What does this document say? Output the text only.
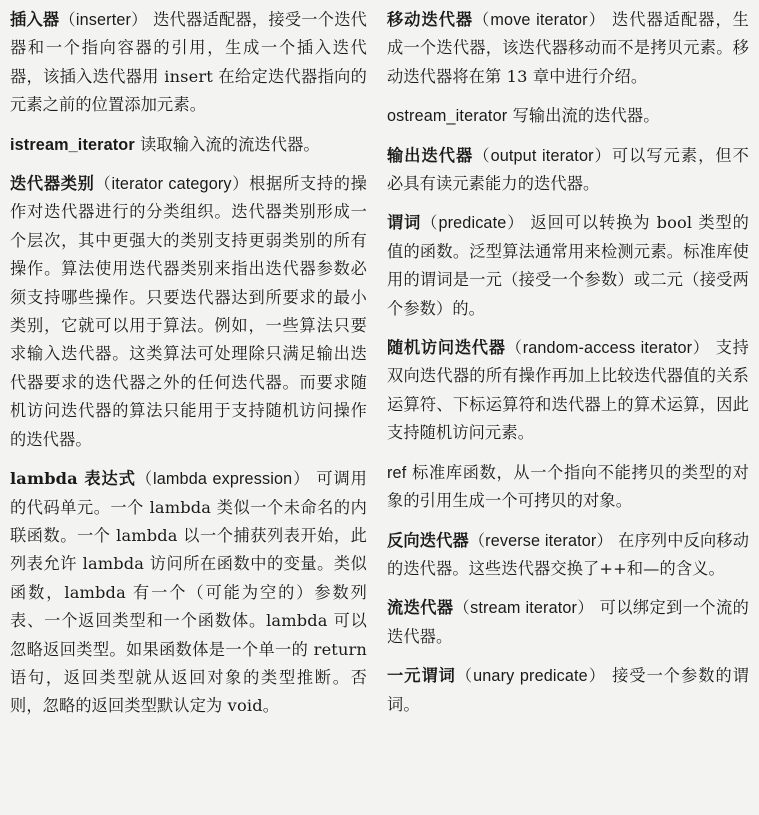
插入器（inserter） 迭代器适配器，接受一个迭代器和一个指向容器的引用，生成一个插入迭代器，该插入迭代器用 insert 在给定迭代器指向的元素之前的位置添加元素。

istream_iterator 读取输入流的流迭代器。

迭代器类别（iterator category）根据所支持的操作对迭代器进行的分类组织。迭代器类别形成一个层次，其中更强大的类别支持更弱类别的所有操作。算法使用迭代器类别来指出迭代器参数必须支持哪些操作。只要迭代器达到所要求的最小类别，它就可以用于算法。例如，一些算法只要求输入迭代器。这类算法可处理除只满足输出迭代器要求的迭代器之外的任何迭代器。而要求随机访问迭代器的算法只能用于支持随机访问操作的迭代器。

lambda 表达式（lambda expression） 可调用的代码单元。一个 lambda 类似一个未命名的内联函数。一个 lambda 以一个捕获列表开始，此列表允许 lambda 访问所在函数中的变量。类似函数，lambda 有一个（可能为空的）参数列表、一个返回类型和一个函数体。lambda 可以忽略返回类型。如果函数体是一个单一的 return 语句，返回类型就从返回对象的类型推断。否则，忽略的返回类型默认定为 void。

移动迭代器（move iterator） 迭代器适配器，生成一个迭代器，该迭代器移动而不是拷贝元素。移动迭代器将在第 13 章中进行介绍。

ostream_iterator 写输出流的迭代器。

输出迭代器（output iterator）可以写元素，但不必具有读元素能力的迭代器。

谓词（predicate） 返回可以转换为 bool 类型的值的函数。泛型算法通常用来检测元素。标准库使用的谓词是一元（接受一个参数）或二元（接受两个参数）的。

随机访问迭代器（random-access iterator） 支持双向迭代器的所有操作再加上比较迭代器值的关系运算符、下标运算符和迭代器上的算术运算，因此支持随机访问元素。

ref 标准库函数，从一个指向不能拷贝的类型的对象的引用生成一个可拷贝的对象。

反向迭代器（reverse iterator） 在序列中反向移动的迭代器。这些迭代器交换了++和—的含义。

流迭代器（stream iterator） 可以绑定到一个流的迭代器。

一元谓词（unary predicate） 接受一个参数的谓词。
